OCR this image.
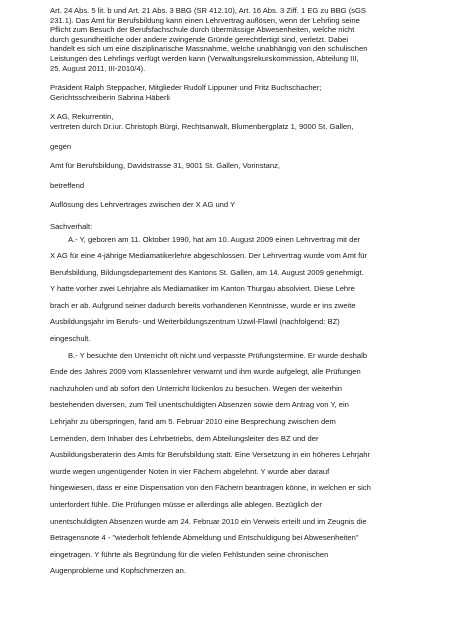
Art. 24 Abs. 5 lit. b und Art. 21 Abs. 3 BBG (SR 412.10), Art. 16 Abs. 3 Ziff. 1 EG zu BBG (sGS
231.1). Das Amt für Berufsbildung kann einen Lehrvertrag auflösen, wenn der Lehrling seine
Pflicht zum Besuch der Berufsfachschule durch übermässige Abwesenheiten, welche nicht
durch gesundheitliche oder andere zwingende Gründe gerechtfertigt sind, verletzt. Dabei
handelt es sich um eine disziplinarische Massnahme, welche unabhängig von den schulischen
Leistungen des Lehrlings verfügt werden kann (Verwaltungsrekurskommission, Abteilung III,
25. August 2011, III-2010/4).
Präsident Ralph Steppacher, Mitglieder Rudolf Lippuner und Fritz Buchschacher;
Gerichtsschreiberin Sabrina Häberli
X AG, Rekurrentin,
vertreten durch Dr.iur. Christoph Bürgi, Rechtsanwalt, Blumenbergplatz 1, 9000 St. Gallen,
gegen
Amt für Berufsbildung, Davidstrasse 31, 9001 St. Gallen, Vorinstanz,
betreffend
Auflösung des Lehrvertrages zwischen der X AG und Y
Sachverhalt:
A.- Y, geboren am 11. Oktober 1990, hat am 10. August 2009 einen Lehrvertrag mit der
X AG für eine 4-jährige Mediamatikerlehre abgeschlossen. Der Lehrvertrag wurde vom Amt für
Berufsbildung, Bildungsdepartement des Kantons St. Gallen, am 14. August 2009 genehmigt.
Y hatte vorher zwei Lehrjahre als Mediamatiker im Kanton Thurgau absolviert. Diese Lehre
brach er ab. Aufgrund seiner dadurch bereits vorhandenen Kenntnisse, wurde er ins zweite
Ausbildungsjahr im Berufs- und Weiterbildungszentrum Uzwil-Flawil (nachfolgend: BZ)
eingeschult.
B.- Y besuchte den Unterricht oft nicht und verpasste Prüfungstermine. Er wurde deshalb
Ende des Jahres 2009 vom Klassenlehrer verwarnt und ihm wurde aufgelegt, alle Prüfungen
nachzuholen und ab sofort den Unterricht lückenlos zu besuchen. Wegen der weiterhin
bestehenden diversen, zum Teil unentschuldigten Absenzen sowie dem Antrag von Y, ein
Lehrjahr zu überspringen, fand am 5. Februar 2010 eine Besprechung zwischen dem
Lernenden, dem Inhaber des Lehrbetriebs, dem Abteilungsleiter des BZ und der
Ausbildungsberaterin des Amts für Berufsbildung statt. Eine Versetzung in ein höheres Lehrjahr
wurde wegen ungenügender Noten in vier Fächern abgelehnt. Y wurde aber darauf
hingewiesen, dass er eine Dispensation von den Fächern beantragen könne, in welchen er sich
unterfordert fühle. Die Prüfungen müsse er allerdings alle ablegen. Bezüglich der
unentschuldigten Absenzen wurde am 24. Februar 2010 ein Verweis erteilt und im Zeugnis die
Betragensnote 4 - "wiederholt fehlende Abmeldung und Entschuldigung bei Abwesenheiten"
eingetragen. Y führte als Begründung für die vielen Fehlstunden seine chronischen
Augenprobleme und Kopfschmerzen an.
